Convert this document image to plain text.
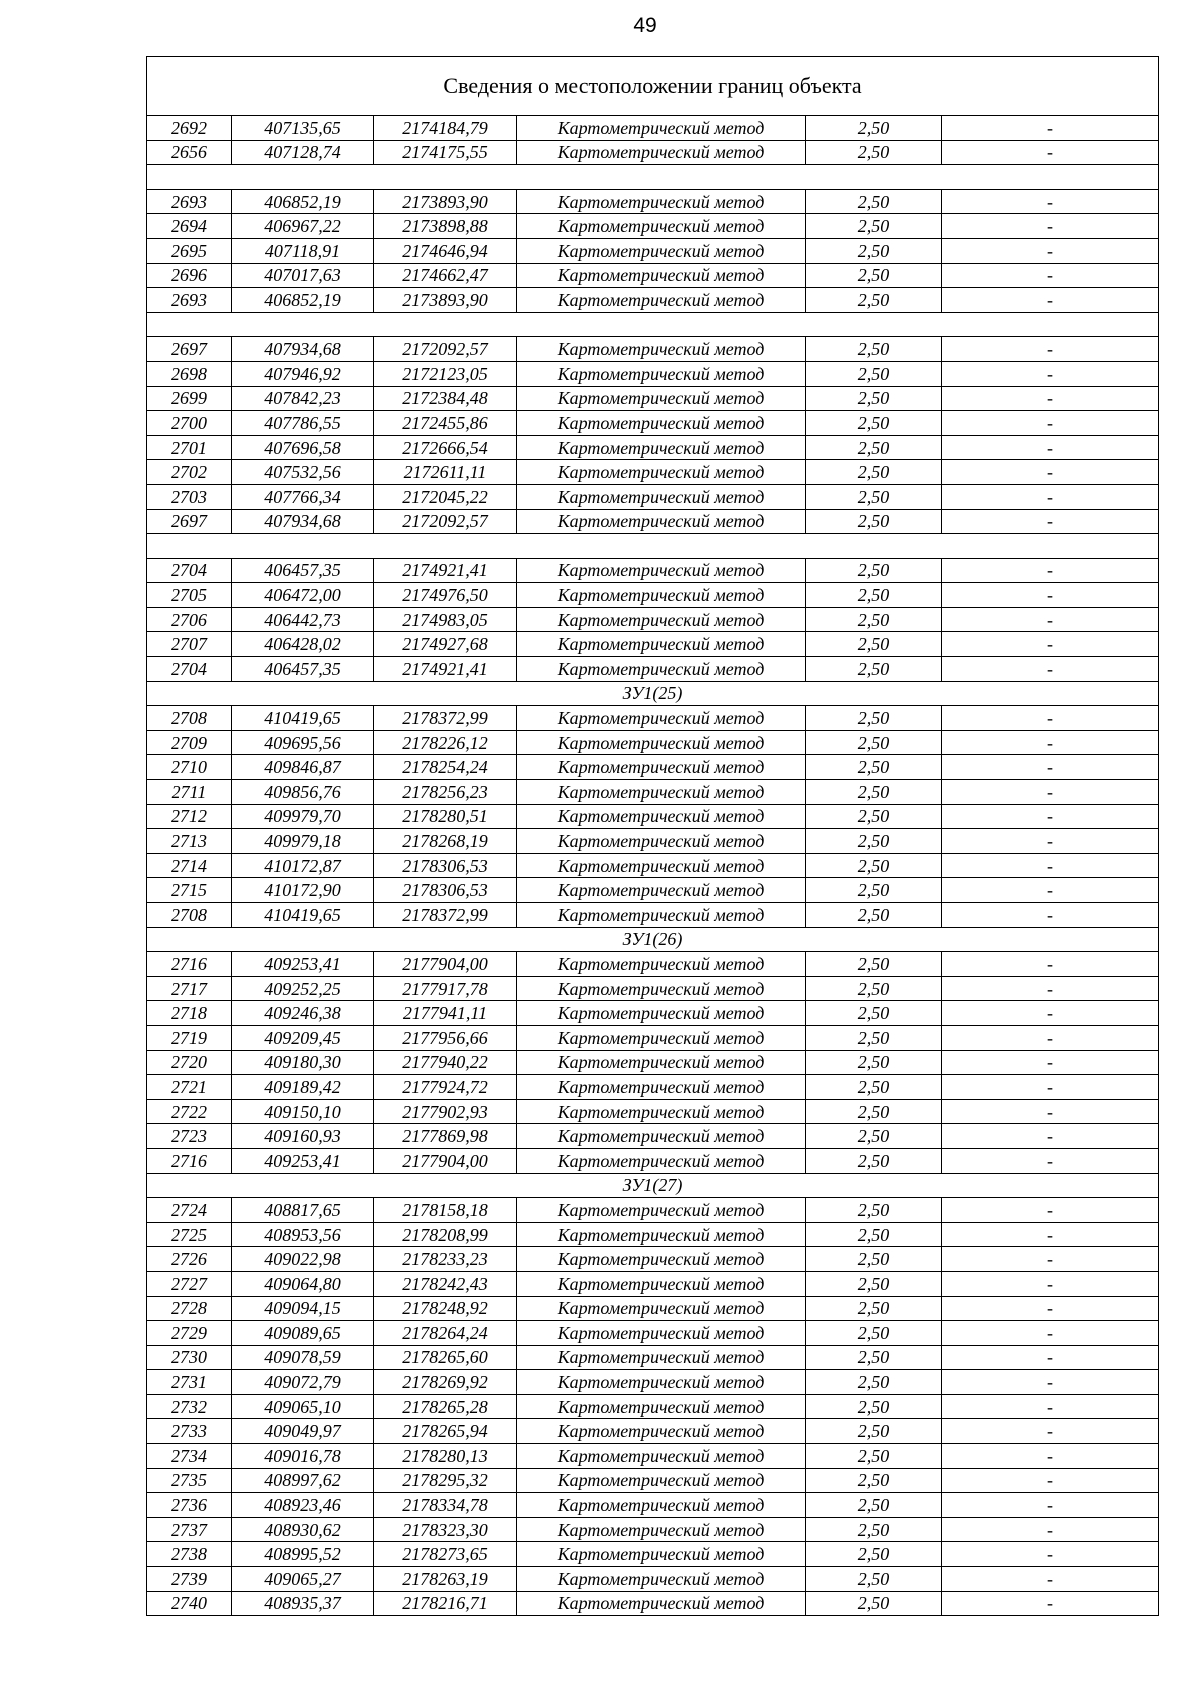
49
Сведения о местоположении границ объекта					
2692	407135,65	2174184,79	Картометрический метод	2,50	-
2656	407128,74	2174175,55	Картометрический метод	2,50	-

2693	406852,19	2173893,90	Картометрический метод	2,50	-
2694	406967,22	2173898,88	Картометрический метод	2,50	-
2695	407118,91	2174646,94	Картометрический метод	2,50	-
2696	407017,63	2174662,47	Картометрический метод	2,50	-
2693	406852,19	2173893,90	Картометрический метод	2,50	-

2697	407934,68	2172092,57	Картометрический метод	2,50	-
2698	407946,92	2172123,05	Картометрический метод	2,50	-
2699	407842,23	2172384,48	Картометрический метод	2,50	-
2700	407786,55	2172455,86	Картометрический метод	2,50	-
2701	407696,58	2172666,54	Картометрический метод	2,50	-
2702	407532,56	2172611,11	Картометрический метод	2,50	-
2703	407766,34	2172045,22	Картометрический метод	2,50	-
2697	407934,68	2172092,57	Картометрический метод	2,50	-

2704	406457,35	2174921,41	Картометрический метод	2,50	-
2705	406472,00	2174976,50	Картометрический метод	2,50	-
2706	406442,73	2174983,05	Картометрический метод	2,50	-
2707	406428,02	2174927,68	Картометрический метод	2,50	-
2704	406457,35	2174921,41	Картометрический метод	2,50	-
ЗУ1(25)					
2708	410419,65	2178372,99	Картометрический метод	2,50	-
2709	409695,56	2178226,12	Картометрический метод	2,50	-
2710	409846,87	2178254,24	Картометрический метод	2,50	-
2711	409856,76	2178256,23	Картометрический метод	2,50	-
2712	409979,70	2178280,51	Картометрический метод	2,50	-
2713	409979,18	2178268,19	Картометрический метод	2,50	-
2714	410172,87	2178306,53	Картометрический метод	2,50	-
2715	410172,90	2178306,53	Картометрический метод	2,50	-
2708	410419,65	2178372,99	Картометрический метод	2,50	-
ЗУ1(26)					
2716	409253,41	2177904,00	Картометрический метод	2,50	-
2717	409252,25	2177917,78	Картометрический метод	2,50	-
2718	409246,38	2177941,11	Картометрический метод	2,50	-
2719	409209,45	2177956,66	Картометрический метод	2,50	-
2720	409180,30	2177940,22	Картометрический метод	2,50	-
2721	409189,42	2177924,72	Картометрический метод	2,50	-
2722	409150,10	2177902,93	Картометрический метод	2,50	-
2723	409160,93	2177869,98	Картометрический метод	2,50	-
2716	409253,41	2177904,00	Картометрический метод	2,50	-
ЗУ1(27)					
2724	408817,65	2178158,18	Картометрический метод	2,50	-
2725	408953,56	2178208,99	Картометрический метод	2,50	-
2726	409022,98	2178233,23	Картометрический метод	2,50	-
2727	409064,80	2178242,43	Картометрический метод	2,50	-
2728	409094,15	2178248,92	Картометрический метод	2,50	-
2729	409089,65	2178264,24	Картометрический метод	2,50	-
2730	409078,59	2178265,60	Картометрический метод	2,50	-
2731	409072,79	2178269,92	Картометрический метод	2,50	-
2732	409065,10	2178265,28	Картометрический метод	2,50	-
2733	409049,97	2178265,94	Картометрический метод	2,50	-
2734	409016,78	2178280,13	Картометрический метод	2,50	-
2735	408997,62	2178295,32	Картометрический метод	2,50	-
2736	408923,46	2178334,78	Картометрический метод	2,50	-
2737	408930,62	2178323,30	Картометрический метод	2,50	-
2738	408995,52	2178273,65	Картометрический метод	2,50	-
2739	409065,27	2178263,19	Картометрический метод	2,50	-
2740	408935,37	2178216,71	Картометрический метод	2,50	-
